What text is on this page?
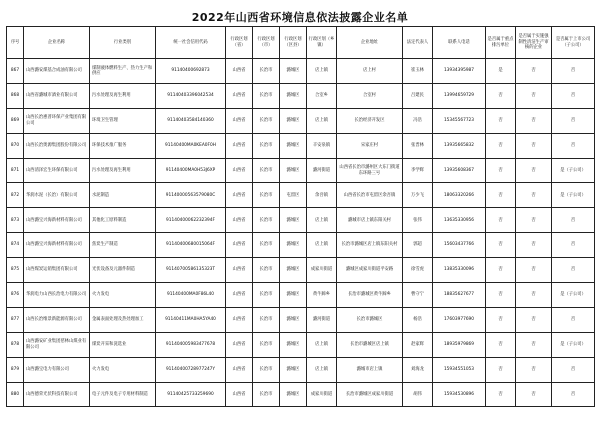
2022年山西省环境信息依法披露企业名单
序号	企业名称	行业类别	统一社会信用代码	行政区划（省）	行政区划（市）	行政区划（区县）	行政区划（乡镇）	企业地址	法定代表人	联系人电话	是否属于重点排污单位	是否属于实施强制性清洁生产审核的企业	是否属于上市公司（子公司）
867	山西潞安煤基合成油有限公司	煤制液体燃料生产、热力生产和供应	91140400692873	山西省	长治市	潞城区	店上镇	店上村	崔玉林	13934395987	是	否	否
868	山西省潞城市酒业有限公司	污水处理及再生利用	91140403396042534	山西省	长治市	潞城区	合室乡	合室村	吕建民	13994659729	否	否	否
869	山西长治惠普环保产业集团有限公司	环境卫生管理	91140403584140360	山西省	长治市	潞城区	店上镇	长治经济开发区	冯浩	15345567723	否	否	否
870	山西长治奥源集团股份有限公司	环保技术推广服务	91140400MA0KEA0F0H	山西省	长治市	潞城区	辛安泉镇	宋家庄村	张晋林	13935665832	否	否	否
871	山西清泽宏生环保有限公司	污水处理及再生利用	91140400MA0H53J6XP	山西省	长治市	潞城区	潞河街道	山西省长治市潞州区大东门街道东环路三号	李学辉	13935608367	否	否	是（子公司）
872	华润水泥（长治）有限公司	水泥制造	91140000563579080C	山西省	长治市	屯留区	余吾镇	山西省长治市屯留区余吾镇	万少飞	18063320266	否	否	是（子公司）
873	山西潞宝兴海新材料有限公司	其他化工原料制造	91140400062232394F	山西省	长治市	潞城区	店上镇	潞城市店上镇东阳关村	张伟	13635330956	否	否	否
874	山西潞宝兴海新材料有限公司	焦炭生产制造	91140400680015064F	山西省	长治市	潞城区	店上镇	长治市潞城区店上镇东阳关村	郭超	15603437766	否	否	否
875	山西煤炭运销集团有限公司	光伏设备及元器件制造	91140700586135323T	山西省	长治市	潞城区	成家川街道	潞城区成家川街道平安路	徐雪虎	13835330096	否	否	否
876	华润电力山西长治电力有限公司	火力发电	91140400MA0F86L40	山西省	长治市	潞城区	黄牛蹄乡	长治市潞城区黄牛蹄乡	曹守宁	18835627677	否	否	是（子公司）
877	山西长治维景新能源有限公司	金属表面处理及热处理加工	91140411MA0HA5YA40	山西省	长治市	潞城区	潞河街道	长治市潞城区	杨浩	17603977690	否	否	否
878	山西潞安矿业集团慈林山煤业有限公司	煤炭开采和洗选业	911404005983477678	山西省	长治市	潞城区	店上镇	长治市潞城区店上镇	赵家辉	18935979869	否	否	是（子公司）
879	山西潞宝电力有限公司	火力发电	91140400728977247Y	山西省	长治市	潞城区	店上镇	潞城市店上镇	刘海龙	15934551053	否	否	否
880	山西德荣光伏科技有限公司	电子元件及电子专用材料制造	91140425733259690	山西省	长治市	潞城区	成家川街道	长治市潞城区成家川街道	胡伟	15934530896	否	否	否
